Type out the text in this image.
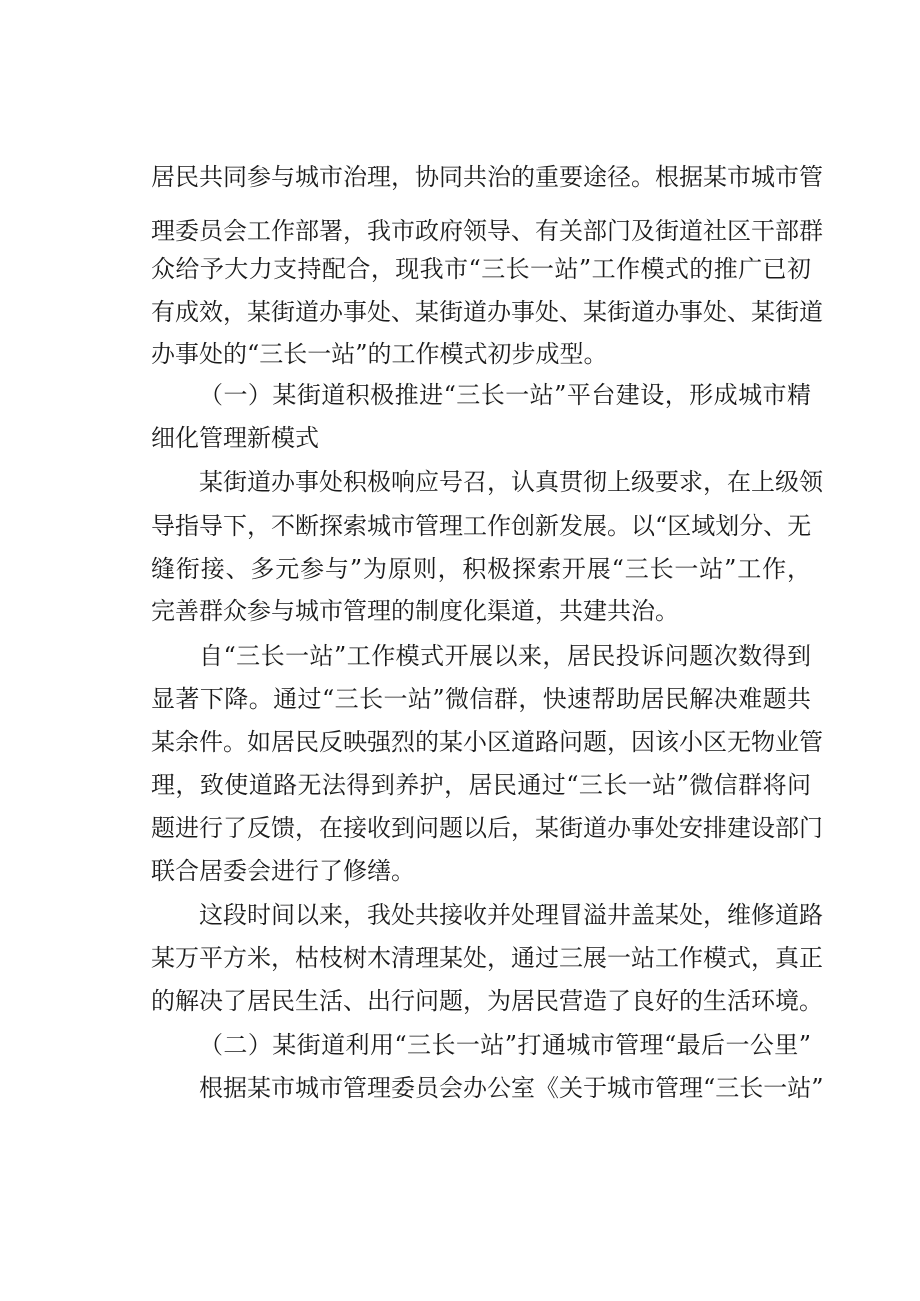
居民共同参与城市治理，协同共治的重要途径。根据某市城市管
理委员会工作部署，我市政府领导、有关部门及街道社区干部群
众给予大力支持配合，现我市“三长一站”工作模式的推广已初
有成效，某街道办事处、某街道办事处、某街道办事处、某街道
办事处的“三长一站”的工作模式初步成型。
（一）某街道积极推进“三长一站”平台建设，形成城市精
细化管理新模式
某街道办事处积极响应号召，认真贯彻上级要求，在上级领
导指导下，不断探索城市管理工作创新发展。以“区域划分、无
缝衔接、多元参与”为原则，积极探索开展“三长一站”工作，
完善群众参与城市管理的制度化渠道，共建共治。
自“三长一站”工作模式开展以来，居民投诉问题次数得到
显著下降。通过“三长一站”微信群，快速帮助居民解决难题共
某余件。如居民反映强烈的某小区道路问题，因该小区无物业管
理，致使道路无法得到养护，居民通过“三长一站”微信群将问
题进行了反馈，在接收到问题以后，某街道办事处安排建设部门
联合居委会进行了修缮。
这段时间以来，我处共接收并处理冒溢井盖某处，维修道路
某万平方米，枯枝树木清理某处，通过三展一站工作模式，真正
的解决了居民生活、出行问题，为居民营造了良好的生活环境。
（二）某街道利用“三长一站”打通城市管理“最后一公里”
根据某市城市管理委员会办公室《关于城市管理“三长一站”
